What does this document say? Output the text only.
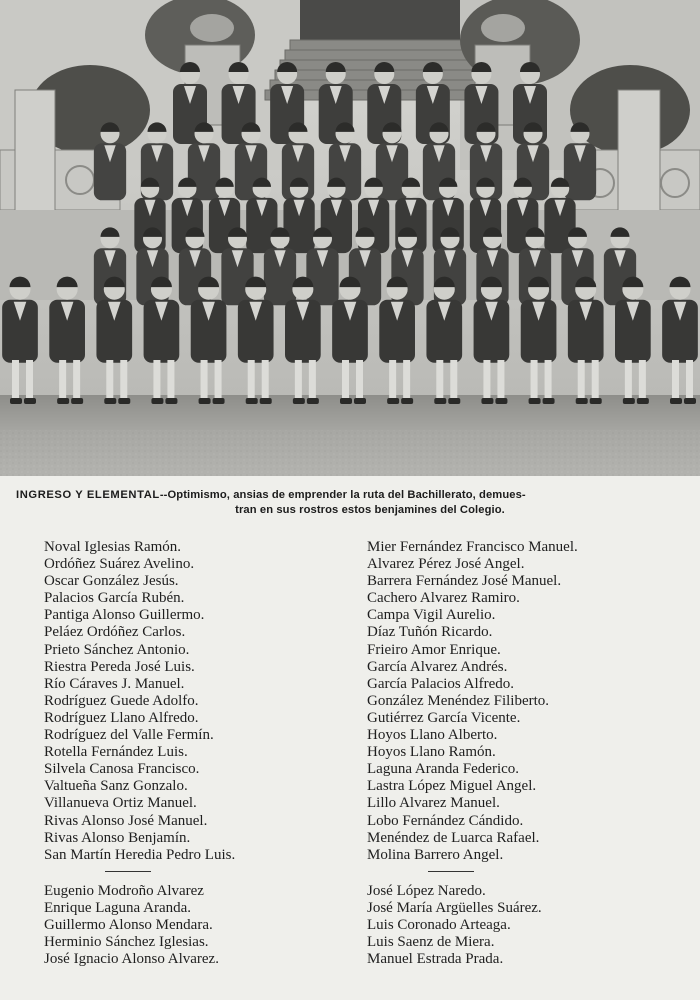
INGRESO Y ELEMENTAL--Optimismo, ansias de emprender la ruta del Bachillerato, demues-
tran en sus rostros estos benjamines del Colegio.
Noval Iglesias Ramón.
Ordóñez Suárez Avelino.
Oscar González Jesús.
Palacios García Rubén.
Pantiga Alonso Guillermo.
Peláez Ordóñez Carlos.
Prieto Sánchez Antonio.
Riestra Pereda José Luis.
Río Cáraves J. Manuel.
Rodríguez Guede Adolfo.
Rodríguez Llano Alfredo.
Rodríguez del Valle Fermín.
Rotella Fernández Luis.
Silvela Canosa Francisco.
Valtueña Sanz Gonzalo.
Villanueva Ortiz Manuel.
Rivas Alonso José Manuel.
Rivas Alonso Benjamín.
San Martín Heredia Pedro Luis.
Mier Fernández Francisco Manuel.
Alvarez Pérez José Angel.
Barrera Fernández José Manuel.
Cachero Alvarez Ramiro.
Campa Vigil Aurelio.
Díaz Tuñón Ricardo.
Frieiro Amor Enrique.
García Alvarez Andrés.
García Palacios Alfredo.
González Menéndez Filiberto.
Gutiérrez García Vicente.
Hoyos Llano Alberto.
Hoyos Llano Ramón.
Laguna Aranda Federico.
Lastra López Miguel Angel.
Lillo Alvarez Manuel.
Lobo Fernández Cándido.
Menéndez de Luarca Rafael.
Molina Barrero Angel.
Eugenio Modroño Alvarez
Enrique Laguna Aranda.
Guillermo Alonso Mendara.
Herminio Sánchez Iglesias.
José Ignacio Alonso Alvarez.
José López Naredo.
José María Argüelles Suárez.
Luis Coronado Arteaga.
Luis Saenz de Miera.
Manuel Estrada Prada.
